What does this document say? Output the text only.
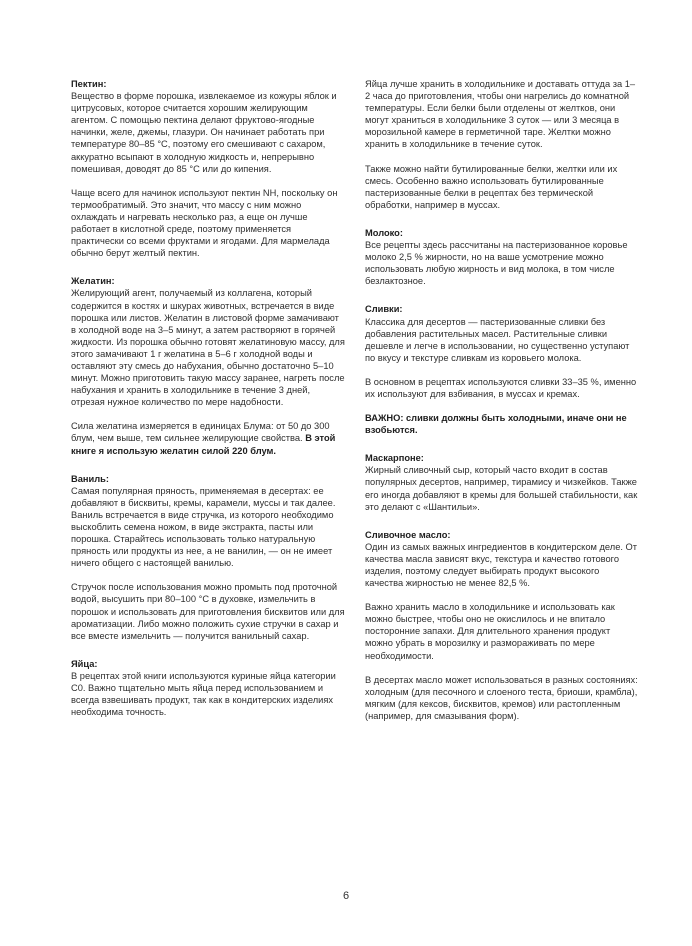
Пектин:

Вещество в форме порошка, извлекаемое из кожуры яблок и цитрусовых, которое считается хорошим желирующим агентом. С помощью пектина делают фруктово-ягодные начинки, желе, джемы, глазури. Он начинает работать при температуре 80–85 °C, поэтому его смешивают с сахаром, аккуратно всыпают в холодную жидкость и, непрерывно помешивая, доводят до 85 °C или до кипения.

Чаще всего для начинок используют пектин NH, поскольку он термообратимый. Это значит, что массу с ним можно охлаждать и нагревать несколько раз, а еще он лучше работает в кислотной среде, поэтому применяется практически со всеми фруктами и ягодами. Для мармелада обычно берут желтый пектин.

Желатин:

Желирующий агент, получаемый из коллагена, который содержится в костях и шкурах животных, встречается в виде порошка или листов. Желатин в листовой форме замачивают в холодной воде на 3–5 минут, а затем растворяют в горячей жидкости. Из порошка обычно готовят желатиновую массу, для этого замачивают 1 г желатина в 5–6 г холодной воды и оставляют эту смесь до набухания, обычно достаточно 5–10 минут. Можно приготовить такую массу заранее, нагреть после набухания и хранить в холодильнике в течение 3 дней, отрезая нужное количество по мере надобности.

Сила желатина измеряется в единицах Блума: от 50 до 300 блум, чем выше, тем сильнее желирующие свойства. В этой книге я использую желатин силой 220 блум.

Ваниль:

Самая популярная пряность, применяемая в десертах: ее добавляют в бисквиты, кремы, карамели, муссы и так далее. Ваниль встречается в виде стручка, из которого необходимо выскоблить семена ножом, в виде экстракта, пасты или порошка. Старайтесь использовать только натуральную пряность или продукты из нее, а не ванилин, — он не имеет ничего общего с настоящей ванилью.

Стручок после использования можно промыть под проточной водой, высушить при 80–100 °C в духовке, измельчить в порошок и использовать для приготовления бисквитов или для ароматизации. Либо можно положить сухие стручки в сахар и все вместе измельчить — получится ванильный сахар.

Яйца:

В рецептах этой книги используются куриные яйца категории С0. Важно тщательно мыть яйца перед использованием и всегда взвешивать продукт, так как в кондитерских изделиях необходима точность.

Яйца лучше хранить в холодильнике и доставать оттуда за 1–2 часа до приготовления, чтобы они нагрелись до комнатной температуры. Если белки были отделены от желтков, они могут храниться в холодильнике 3 суток — или 3 месяца в морозильной камере в герметичной таре. Желтки можно хранить в холодильнике в течение суток.

Также можно найти бутилированные белки, желтки или их смесь. Особенно важно использовать бутилированные пастеризованные белки в рецептах без термической обработки, например в муссах.

Молоко:

Все рецепты здесь рассчитаны на пастеризованное коровье молоко 2,5 % жирности, но на ваше усмотрение можно использовать любую жирность и вид молока, в том числе безлактозное.

Сливки:

Классика для десертов — пастеризованные сливки без добавления растительных масел. Растительные сливки дешевле и легче в использовании, но существенно уступают по вкусу и текстуре сливкам из коровьего молока.

В основном в рецептах используются сливки 33–35 %, именно их используют для взбивания, в муссах и кремах.

ВАЖНО: сливки должны быть холодными, иначе они не взобьются.

Маскарпоне:

Жирный сливочный сыр, который часто входит в состав популярных десертов, например, тирамису и чизкейков. Также его иногда добавляют в кремы для большей стабильности, как это делают с «Шантильи».

Сливочное масло:

Один из самых важных ингредиентов в кондитерском деле. От качества масла зависят вкус, текстура и качество готового изделия, поэтому следует выбирать продукт высокого качества жирностью не менее 82,5 %.

Важно хранить масло в холодильнике и использовать как можно быстрее, чтобы оно не окислилось и не впитало посторонние запахи. Для длительного хранения продукт можно убрать в морозилку и размораживать по мере необходимости.

В десертах масло может использоваться в разных состояниях: холодным (для песочного и слоеного теста, бриоши, крамбла), мягким (для кексов, бисквитов, кремов) или растопленным (например, для смазывания форм).

6
